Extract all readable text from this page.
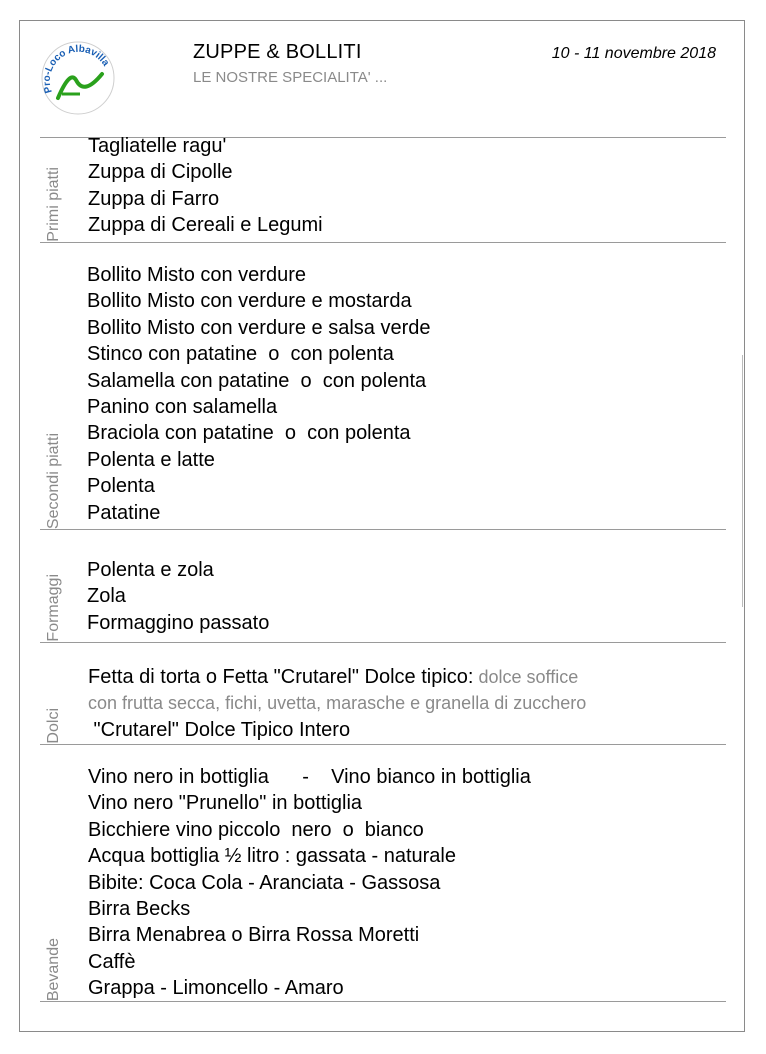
Pro-Loco Albavilla	ZUPPE & BOLLITI
LE NOSTRE SPECIALITA' ...
10 - 11 novembre 2018
Primi piatti
Tagliatelle ragu'
Zuppa di Cipolle
Zuppa di Farro
Zuppa di Cereali e Legumi
Secondi piatti
Bollito Misto con verdure
Bollito Misto con verdure e mostarda
Bollito Misto con verdure e salsa verde
Stinco con patatine  o  con polenta
Salamella con patatine  o  con polenta
Panino con salamella
Braciola con patatine  o  con polenta
Polenta e latte
Polenta
Patatine
Formaggi
Polenta e zola
Zola
Formaggino passato
Dolci
Fetta di torta o Fetta "Crutarel" Dolce tipico: dolce soffice
con frutta secca, fichi, uvetta, marasche e granella di zucchero
"Crutarel" Dolce Tipico Intero
Bevande
Vino nero in bottiglia      -    Vino bianco in bottiglia
Vino nero "Prunello" in bottiglia
Bicchiere vino piccolo  nero  o  bianco
Acqua bottiglia ½ litro : gassata - naturale
Bibite: Coca Cola - Aranciata - Gassosa
Birra Becks
Birra Menabrea o Birra Rossa Moretti
Caffè
Grappa - Limoncello - Amaro
